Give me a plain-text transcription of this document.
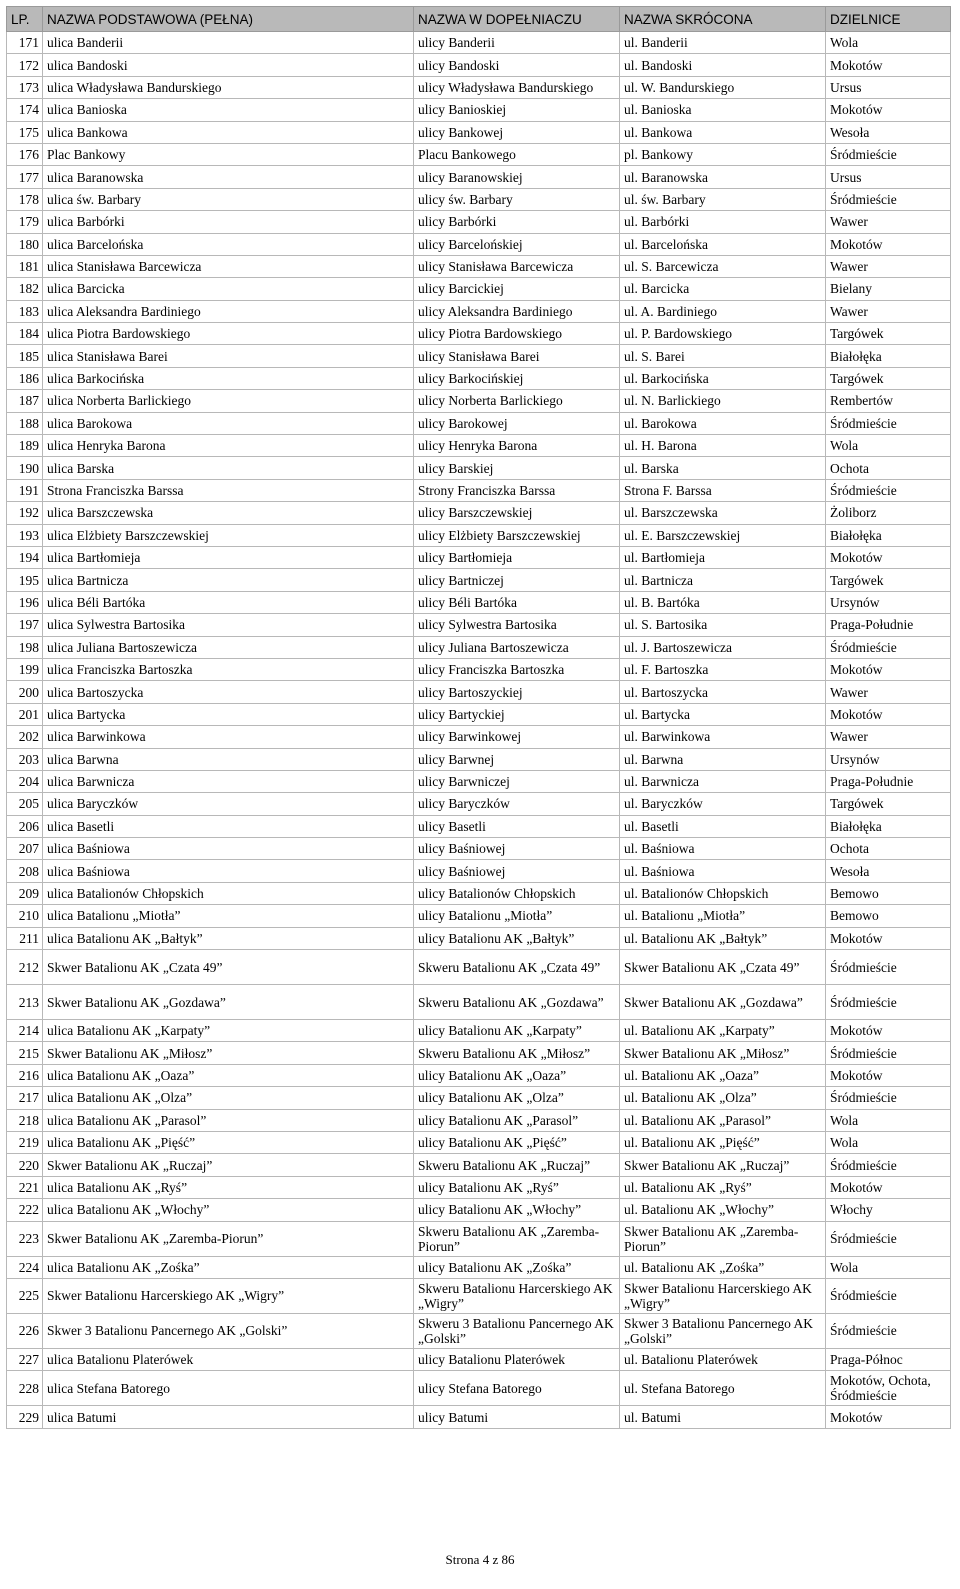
LP.	NAZWA PODSTAWOWA (PEŁNA)	NAZWA W DOPEŁNIACZU	NAZWA SKRÓCONA	DZIELNICE
171	ulica Banderii	ulicy Banderii	ul. Banderii	Wola
172	ulica Bandoski	ulicy Bandoski	ul. Bandoski	Mokotów
173	ulica Władysława Bandurskiego	ulicy Władysława Bandurskiego	ul. W. Bandurskiego	Ursus
174	ulica Banioska	ulicy Banioskiej	ul. Banioska	Mokotów
175	ulica Bankowa	ulicy Bankowej	ul. Bankowa	Wesoła
176	Plac Bankowy	Placu Bankowego	pl. Bankowy	Śródmieście
177	ulica Baranowska	ulicy Baranowskiej	ul. Baranowska	Ursus
178	ulica św. Barbary	ulicy św. Barbary	ul. św. Barbary	Śródmieście
179	ulica Barbórki	ulicy Barbórki	ul. Barbórki	Wawer
180	ulica Barcelońska	ulicy Barcelońskiej	ul. Barcelońska	Mokotów
181	ulica Stanisława Barcewicza	ulicy Stanisława Barcewicza	ul. S. Barcewicza	Wawer
182	ulica Barcicka	ulicy Barcickiej	ul. Barcicka	Bielany
183	ulica Aleksandra Bardiniego	ulicy Aleksandra Bardiniego	ul. A. Bardiniego	Wawer
184	ulica Piotra Bardowskiego	ulicy Piotra Bardowskiego	ul. P. Bardowskiego	Targówek
185	ulica Stanisława Barei	ulicy Stanisława Barei	ul. S. Barei	Białołęka
186	ulica Barkocińska	ulicy Barkocińskiej	ul. Barkocińska	Targówek
187	ulica Norberta Barlickiego	ulicy Norberta Barlickiego	ul. N. Barlickiego	Rembertów
188	ulica Barokowa	ulicy Barokowej	ul. Barokowa	Śródmieście
189	ulica Henryka Barona	ulicy Henryka Barona	ul. H. Barona	Wola
190	ulica Barska	ulicy Barskiej	ul. Barska	Ochota
191	Strona Franciszka Barssa	Strony Franciszka Barssa	Strona F. Barssa	Śródmieście
192	ulica Barszczewska	ulicy Barszczewskiej	ul. Barszczewska	Żoliborz
193	ulica Elżbiety Barszczewskiej	ulicy Elżbiety Barszczewskiej	ul. E. Barszczewskiej	Białołęka
194	ulica Bartłomieja	ulicy Bartłomieja	ul. Bartłomieja	Mokotów
195	ulica Bartnicza	ulicy Bartniczej	ul. Bartnicza	Targówek
196	ulica Béli Bartóka	ulicy Béli Bartóka	ul. B. Bartóka	Ursynów
197	ulica Sylwestra Bartosika	ulicy Sylwestra Bartosika	ul. S. Bartosika	Praga-Południe
198	ulica Juliana Bartoszewicza	ulicy Juliana Bartoszewicza	ul. J. Bartoszewicza	Śródmieście
199	ulica Franciszka Bartoszka	ulicy Franciszka Bartoszka	ul. F. Bartoszka	Mokotów
200	ulica Bartoszycka	ulicy Bartoszyckiej	ul. Bartoszycka	Wawer
201	ulica Bartycka	ulicy Bartyckiej	ul. Bartycka	Mokotów
202	ulica Barwinkowa	ulicy Barwinkowej	ul. Barwinkowa	Wawer
203	ulica Barwna	ulicy Barwnej	ul. Barwna	Ursynów
204	ulica Barwnicza	ulicy Barwniczej	ul. Barwnicza	Praga-Południe
205	ulica Baryczków	ulicy Baryczków	ul. Baryczków	Targówek
206	ulica Basetli	ulicy Basetli	ul. Basetli	Białołęka
207	ulica Baśniowa	ulicy Baśniowej	ul. Baśniowa	Ochota
208	ulica Baśniowa	ulicy Baśniowej	ul. Baśniowa	Wesoła
209	ulica Batalionów Chłopskich	ulicy Batalionów Chłopskich	ul. Batalionów Chłopskich	Bemowo
210	ulica Batalionu „Miotła”	ulicy Batalionu „Miotła”	ul. Batalionu „Miotła”	Bemowo
211	ulica Batalionu AK „Bałtyk”	ulicy Batalionu AK „Bałtyk”	ul. Batalionu AK „Bałtyk”	Mokotów
212	Skwer Batalionu AK „Czata 49”	Skweru Batalionu AK „Czata 49”	Skwer Batalionu AK „Czata 49”	Śródmieście
213	Skwer Batalionu AK „Gozdawa”	Skweru Batalionu AK „Gozdawa”	Skwer Batalionu AK „Gozdawa”	Śródmieście
214	ulica Batalionu AK „Karpaty”	ulicy Batalionu AK „Karpaty”	ul. Batalionu AK „Karpaty”	Mokotów
215	Skwer Batalionu AK „Miłosz”	Skweru Batalionu AK „Miłosz”	Skwer Batalionu AK „Miłosz”	Śródmieście
216	ulica Batalionu AK „Oaza”	ulicy Batalionu AK „Oaza”	ul. Batalionu AK „Oaza”	Mokotów
217	ulica Batalionu AK „Olza”	ulicy Batalionu AK „Olza”	ul. Batalionu AK „Olza”	Śródmieście
218	ulica Batalionu AK „Parasol”	ulicy Batalionu AK „Parasol”	ul. Batalionu AK „Parasol”	Wola
219	ulica Batalionu AK „Pięść”	ulicy Batalionu AK „Pięść”	ul. Batalionu AK „Pięść”	Wola
220	Skwer Batalionu AK „Ruczaj”	Skweru Batalionu AK „Ruczaj”	Skwer Batalionu AK „Ruczaj”	Śródmieście
221	ulica Batalionu AK „Ryś”	ulicy Batalionu AK „Ryś”	ul. Batalionu AK „Ryś”	Mokotów
222	ulica Batalionu AK „Włochy”	ulicy Batalionu AK „Włochy”	ul. Batalionu AK „Włochy”	Włochy
223	Skwer Batalionu AK „Zaremba-Piorun”	Skweru Batalionu AK „Zaremba-Piorun”	Skwer Batalionu AK „Zaremba-Piorun”	Śródmieście
224	ulica Batalionu AK „Zośka”	ulicy Batalionu AK „Zośka”	ul. Batalionu AK „Zośka”	Wola
225	Skwer Batalionu Harcerskiego AK „Wigry”	Skweru Batalionu Harcerskiego AK „Wigry”	Skwer Batalionu Harcerskiego AK „Wigry”	Śródmieście
226	Skwer 3 Batalionu Pancernego AK „Golski”	Skweru 3 Batalionu Pancernego AK „Golski”	Skwer 3 Batalionu Pancernego AK „Golski”	Śródmieście
227	ulica Batalionu Platerówek	ulicy Batalionu Platerówek	ul. Batalionu Platerówek	Praga-Północ
228	ulica Stefana Batorego	ulicy Stefana Batorego	ul. Stefana Batorego	Mokotów, Ochota, Śródmieście
229	ulica Batumi	ulicy Batumi	ul. Batumi	Mokotów
Strona 4 z 86
